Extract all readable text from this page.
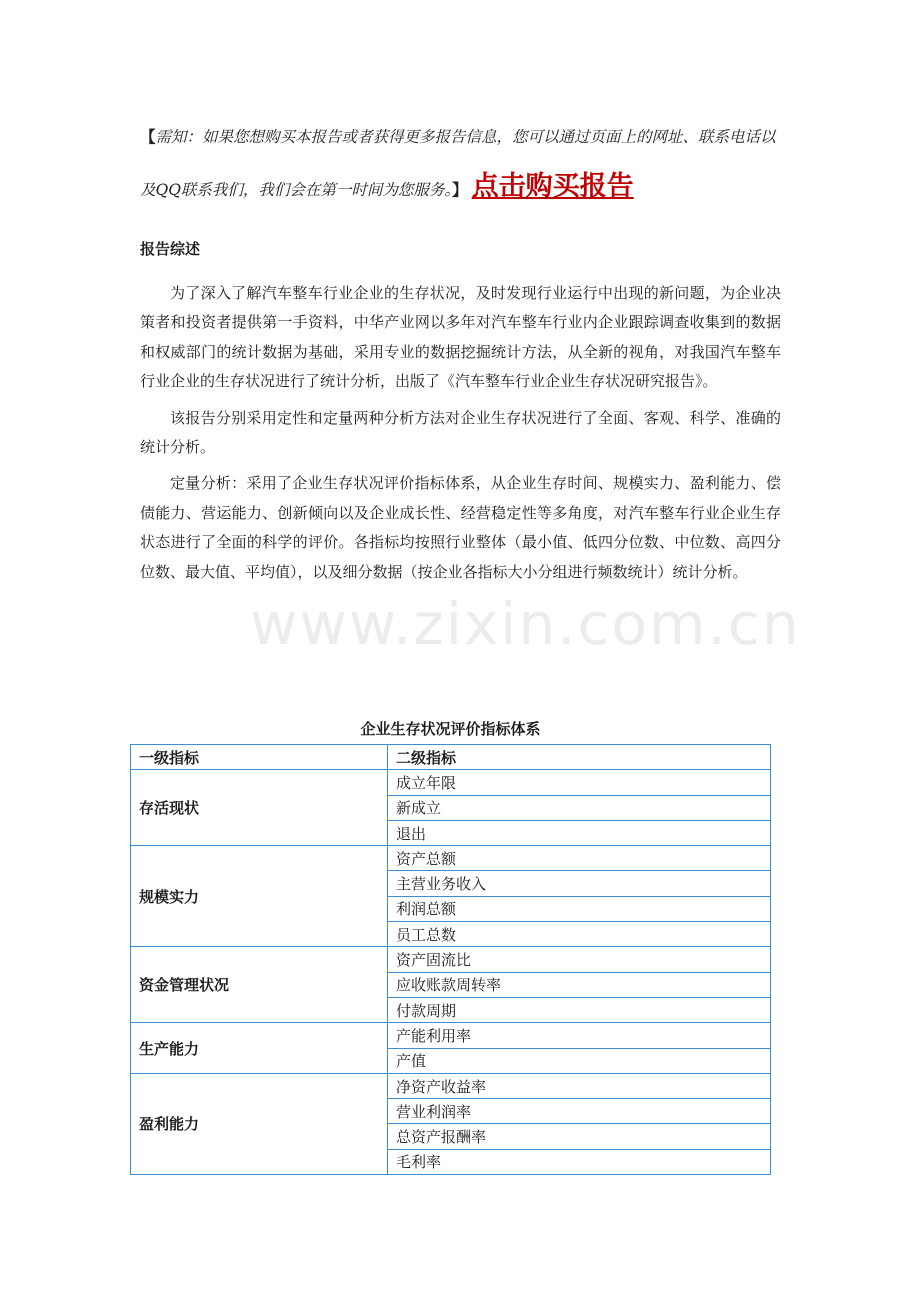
www.zixin.com.cn
【需知：如果您想购买本报告或者获得更多报告信息，您可以通过页面上的网址、联系电话以及QQ联系我们，我们会在第一时间为您服务。】 点击购买报告
报告综述

为了深入了解汽车整车行业企业的生存状况，及时发现行业运行中出现的新问题，为企业决策者和投资者提供第一手资料，中华产业网以多年对汽车整车行业内企业跟踪调查收集到的数据和权威部门的统计数据为基础，采用专业的数据挖掘统计方法，从全新的视角，对我国汽车整车行业企业的生存状况进行了统计分析，出版了《汽车整车行业企业生存状况研究报告》。

该报告分别采用定性和定量两种分析方法对企业生存状况进行了全面、客观、科学、准确的统计分析。

定量分析：采用了企业生存状况评价指标体系，从企业生存时间、规模实力、盈利能力、偿债能力、营运能力、创新倾向以及企业成长性、经营稳定性等多角度，对汽车整车行业企业生存状态进行了全面的科学的评价。各指标均按照行业整体（最小值、低四分位数、中位数、高四分位数、最大值、平均值），以及细分数据（按企业各指标大小分组进行频数统计）统计分析。

企业生存状况评价指标体系
一级指标	二级指标
存活现状	成立年限
	新成立
	退出
规模实力	资产总额
	主营业务收入
	利润总额
	员工总数
资金管理状况	资产固流比
	应收账款周转率
	付款周期
生产能力	产能利用率
	产值
盈利能力	净资产收益率
	营业利润率
	总资产报酬率
	毛利率
